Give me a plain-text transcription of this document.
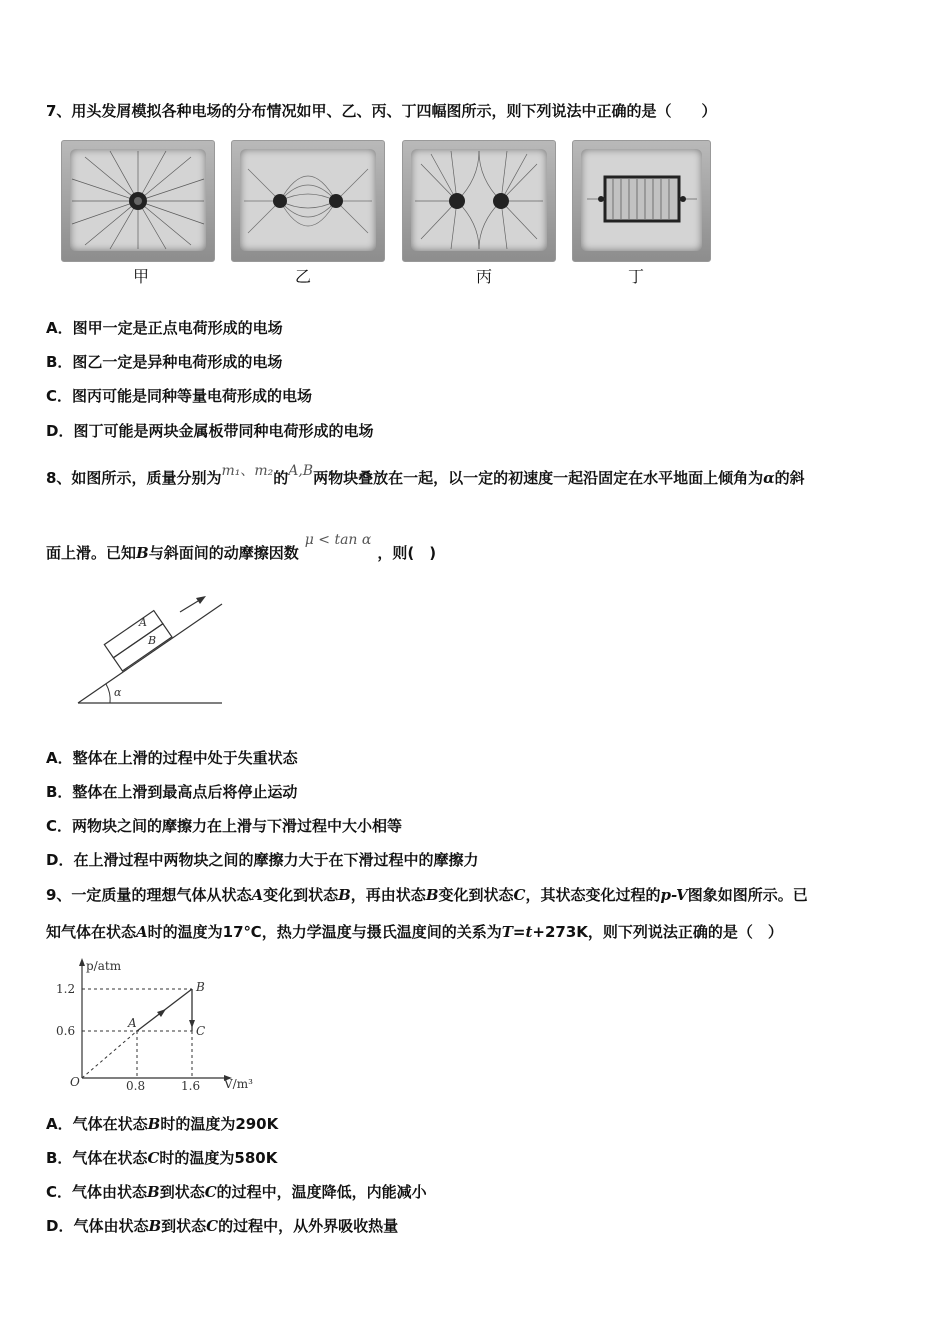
7、用头发屑模拟各种电场的分布情况如甲、乙、丙、丁四幅图所示，则下列说法中正确的是（　　）
甲	乙	丙	丁
A．图甲一定是正点电荷形成的电场
B．图乙一定是异种电荷形成的电场
C．图丙可能是同种等量电荷形成的电场
D．图丁可能是两块金属板带同种电荷形成的电场
8、如图所示，质量分别为m₁、m₂的A,B两物块叠放在一起，以一定的初速度一起沿固定在水平地面上倾角为α的斜
面上滑。已知B与斜面间的动摩擦因数μ < tan α，则(　)
A
B
α
A．整体在上滑的过程中处于失重状态
B．整体在上滑到最高点后将停止运动
C．两物块之间的摩擦力在上滑与下滑过程中大小相等
D．在上滑过程中两物块之间的摩擦力大于在下滑过程中的摩擦力
9、一定质量的理想气体从状态A变化到状态B，再由状态B变化到状态C，其状态变化过程的p-V图象如图所示。已
知气体在状态A时的温度为17℃，热力学温度与摄氏温度间的关系为T=t+273K，则下列说法正确的是（　）
p/atm
V/m³
O
1.2
0.6
0.8	1.6
A
B
C
A．气体在状态B时的温度为290K
B．气体在状态C时的温度为580K
C．气体由状态B到状态C的过程中，温度降低，内能减小
D．气体由状态B到状态C的过程中，从外界吸收热量
